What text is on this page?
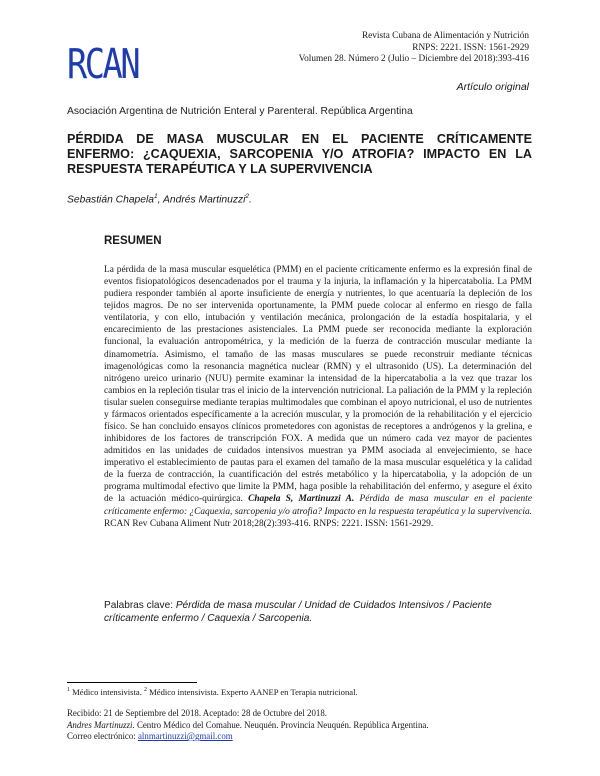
RCAN
Revista Cubana de Alimentación y Nutrición
RNPS: 2221. ISSN: 1561-2929
Volumen 28. Número 2 (Julio – Diciembre del 2018):393-416
Artículo original
Asociación Argentina de Nutrición Enteral y Parenteral. República Argentina
PÉRDIDA DE MASA MUSCULAR EN EL PACIENTE CRÍTICAMENTE ENFERMO: ¿CAQUEXIA, SARCOPENIA Y/O ATROFIA? IMPACTO EN LA RESPUESTA TERAPÉUTICA Y LA SUPERVIVENCIA
Sebastián Chapela$^1$, Andrés Martinuzzi$^2$.
RESUMEN

La pérdida de la masa muscular esquelética (PMM) en el paciente críticamente enfermo es la expresión final de eventos fisiopatológicos desencadenados por el trauma y la injuria, la inflamación y la hipercatabolia. La PMM pudiera responder también al aporte insuficiente de energía y nutrientes, lo que acentuaría la depleción de los tejidos magros. De no ser intervenida oportunamente, la PMM puede colocar al enfermo en riesgo de falla ventilatoria, y con ello, intubación y ventilación mecánica, prolongación de la estadía hospitalaria, y el encarecimiento de las prestaciones asistenciales. La PMM puede ser reconocida mediante la exploración funcional, la evaluación antropométrica, y la medición de la fuerza de contracción muscular mediante la dinamometría. Asimismo, el tamaño de las masas musculares se puede reconstruir mediante técnicas imagenológicas como la resonancia magnética nuclear (RMN) y el ultrasonido (US). La determinación del nitrógeno ureico urinario (NUU) permite examinar la intensidad de la hipercatabolia a la vez que trazar los cambios en la repleción tisular tras el inicio de la intervención nutricional. La paliación de la PMM y la repleción tisular suelen conseguirse mediante terapias multimodales que combinan el apoyo nutricional, el uso de nutrientes y fármacos orientados específicamente a la acreción muscular, y la promoción de la rehabilitación y el ejercicio físico. Se han concluido ensayos clínicos prometedores con agonistas de receptores a andrógenos y la grelina, e inhibidores de los factores de transcripción FOX. A medida que un número cada vez mayor de pacientes admitidos en las unidades de cuidados intensivos muestran ya PMM asociada al envejecimiento, se hace imperativo el establecimiento de pautas para el examen del tamaño de la masa muscular esquelética y la calidad de la fuerza de contracción, la cuantificación del estrés metabólico y la hipercatabolia, y la adopción de un programa multimodal efectivo que limite la PMM, haga posible la rehabilitación del enfermo, y asegure el éxito de la actuación médico-quirúrgica. Chapela S, Martinuzzi A. Pérdida de masa muscular en el paciente críticamente enfermo: ¿Caquexia, sarcopenia y/o atrofia? Impacto en la respuesta terapéutica y la supervivencia. RCAN Rev Cubana Aliment Nutr 2018;28(2):393-416. RNPS: 2221. ISSN: 1561-2929.

Palabras clave: Pérdida de masa muscular / Unidad de Cuidados Intensivos / Paciente críticamente enfermo / Caquexia / Sarcopenia.

$^1$ Médico intensivista. $^2$ Médico intensivista. Experto AANEP en Terapia nutricional.
Recibido: 21 de Septiembre del 2018. Aceptado: 28 de Octubre del 2018.
Andres Martinuzzi. Centro Médico del Comahue. Neuquén. Provincia Neuquén. República Argentina.
Correo electrónico: alnmartinuzzi@gmail.com
